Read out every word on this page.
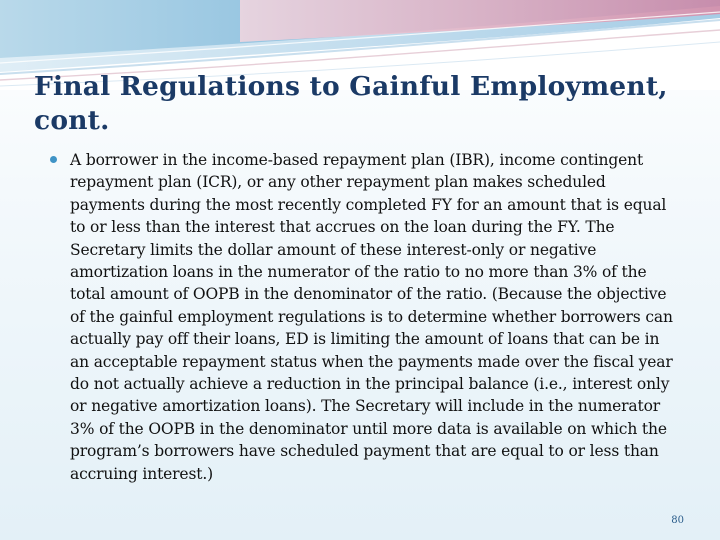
Final Regulations to Gainful Employment, cont.

A borrower in the income-based repayment plan (IBR), income contingent repayment plan (ICR), or any other repayment plan makes scheduled payments during the most recently completed FY for an amount that is equal to or less than the interest that accrues on the loan during the FY. The Secretary limits the dollar amount of these interest-only or negative amortization loans in the numerator of the ratio to no more than 3% of the total amount of OOPB in the denominator of the ratio. (Because the objective of the gainful employment regulations is to determine whether borrowers can actually pay off their loans, ED is limiting the amount of loans that can be in an acceptable repayment status when the payments made over the fiscal year do not actually achieve a reduction in the principal balance (i.e., interest only or negative amortization loans). The Secretary will include in the numerator 3% of the OOPB in the denominator until more data is available on which the program’s borrowers have scheduled payment that are equal to or less than accruing interest.)

80
